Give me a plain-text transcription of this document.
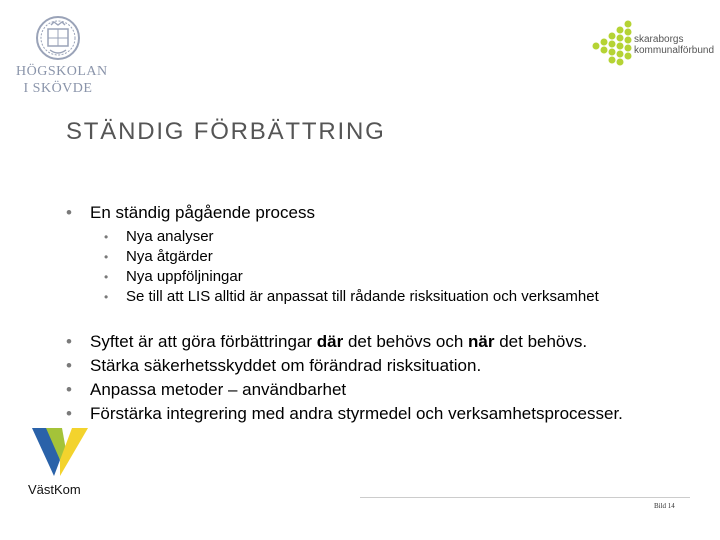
HÖGSKOLAN
I SKÖVDE
skaraborgs
kommunalförbund
STÄNDIG FÖRBÄTTRING
• En ständig pågående process
• Nya analyser
• Nya åtgärder
• Nya uppföljningar
• Se till att LIS alltid är anpassat till rådande risksituation och verksamhet
• Syftet är att göra förbättringar där det behövs och när det behövs.
• Stärka säkerhetsskyddet om förändrad risksituation.
• Anpassa metoder – användbarhet
• Förstärka integrering med andra styrmedel och verksamhetsprocesser.
VästKom
Bild 14
